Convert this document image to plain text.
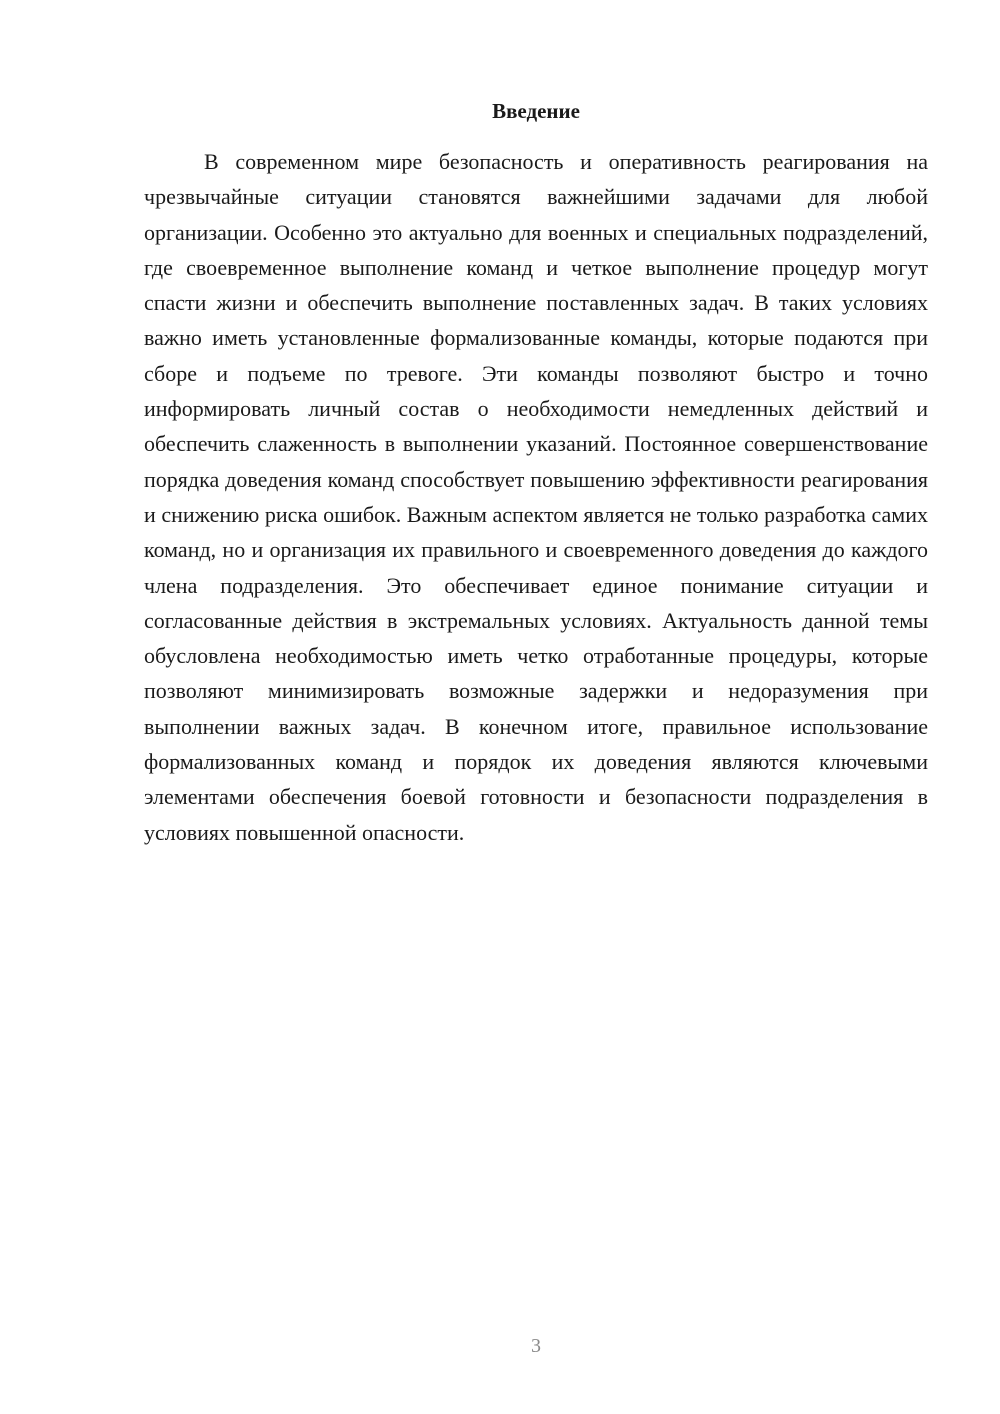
Введение

В современном мире безопасность и оперативность реагирования на чрезвычайные ситуации становятся важнейшими задачами для любой организации. Особенно это актуально для военных и специальных подразделений, где своевременное выполнение команд и четкое выполнение процедур могут спасти жизни и обеспечить выполнение поставленных задач. В таких условиях важно иметь установленные формализованные команды, которые подаются при сборе и подъеме по тревоге. Эти команды позволяют быстро и точно информировать личный состав о необходимости немедленных действий и обеспечить слаженность в выполнении указаний. Постоянное совершенствование порядка доведения команд способствует повышению эффективности реагирования и снижению риска ошибок. Важным аспектом является не только разработка самих команд, но и организация их правильного и своевременного доведения до каждого члена подразделения. Это обеспечивает единое понимание ситуации и согласованные действия в экстремальных условиях. Актуальность данной темы обусловлена необходимостью иметь четко отработанные процедуры, которые позволяют минимизировать возможные задержки и недоразумения при выполнении важных задач. В конечном итоге, правильное использование формализованных команд и порядок их доведения являются ключевыми элементами обеспечения боевой готовности и безопасности подразделения в условиях повышенной опасности.

3
